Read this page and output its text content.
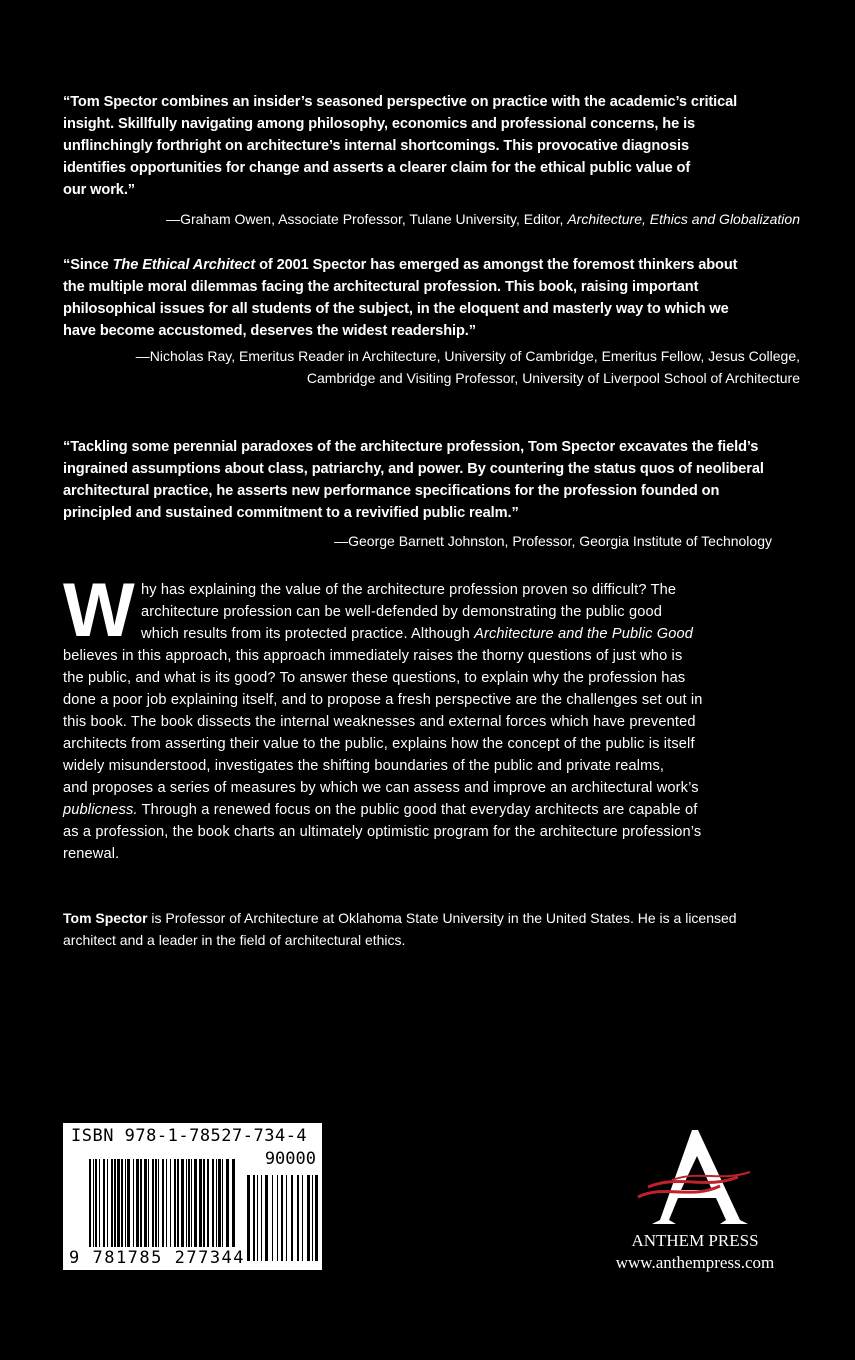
“Tom Spector combines an insider’s seasoned perspective on practice with the academic’s critical
insight. Skillfully navigating among philosophy, economics and professional concerns, he is
unflinchingly forthright on architecture’s internal shortcomings. This provocative diagnosis
identifies opportunities for change and asserts a clearer claim for the ethical public value of
our work.”
—Graham Owen, Associate Professor, Tulane University, Editor, Architecture, Ethics and Globalization
“Since The Ethical Architect of 2001 Spector has emerged as amongst the foremost thinkers about
the multiple moral dilemmas facing the architectural profession. This book, raising important
philosophical issues for all students of the subject, in the eloquent and masterly way to which we
have become accustomed, deserves the widest readership.”
—Nicholas Ray, Emeritus Reader in Architecture, University of Cambridge, Emeritus Fellow, Jesus College,
Cambridge and Visiting Professor, University of Liverpool School of Architecture
“Tackling some perennial paradoxes of the architecture profession, Tom Spector excavates the field’s
ingrained assumptions about class, patriarchy, and power. By countering the status quos of neoliberal
architectural practice, he asserts new performance specifications for the profession founded on
principled and sustained commitment to a revivified public realm.”
—George Barnett Johnston, Professor, Georgia Institute of Technology
W hy has explaining the value of the architecture profession proven so difficult? The
architecture profession can be well-defended by demonstrating the public good
which results from its protected practice. Although Architecture and the Public Good
believes in this approach, this approach immediately raises the thorny questions of just who is
the public, and what is its good? To answer these questions, to explain why the profession has
done a poor job explaining itself, and to propose a fresh perspective are the challenges set out in
this book. The book dissects the internal weaknesses and external forces which have prevented
architects from asserting their value to the public, explains how the concept of the public is itself
widely misunderstood, investigates the shifting boundaries of the public and private realms,
and proposes a series of measures by which we can assess and improve an architectural work’s
publicness. Through a renewed focus on the public good that everyday architects are capable of
as a profession, the book charts an ultimately optimistic program for the architecture profession’s
renewal.
Tom Spector is Professor of Architecture at Oklahoma State University in the United States. He is a licensed
architect and a leader in the field of architectural ethics.
ISBN 978-1-78527-734-4
90000
9 781785 277344
ANTHEM PRESS
www.anthempress.com
